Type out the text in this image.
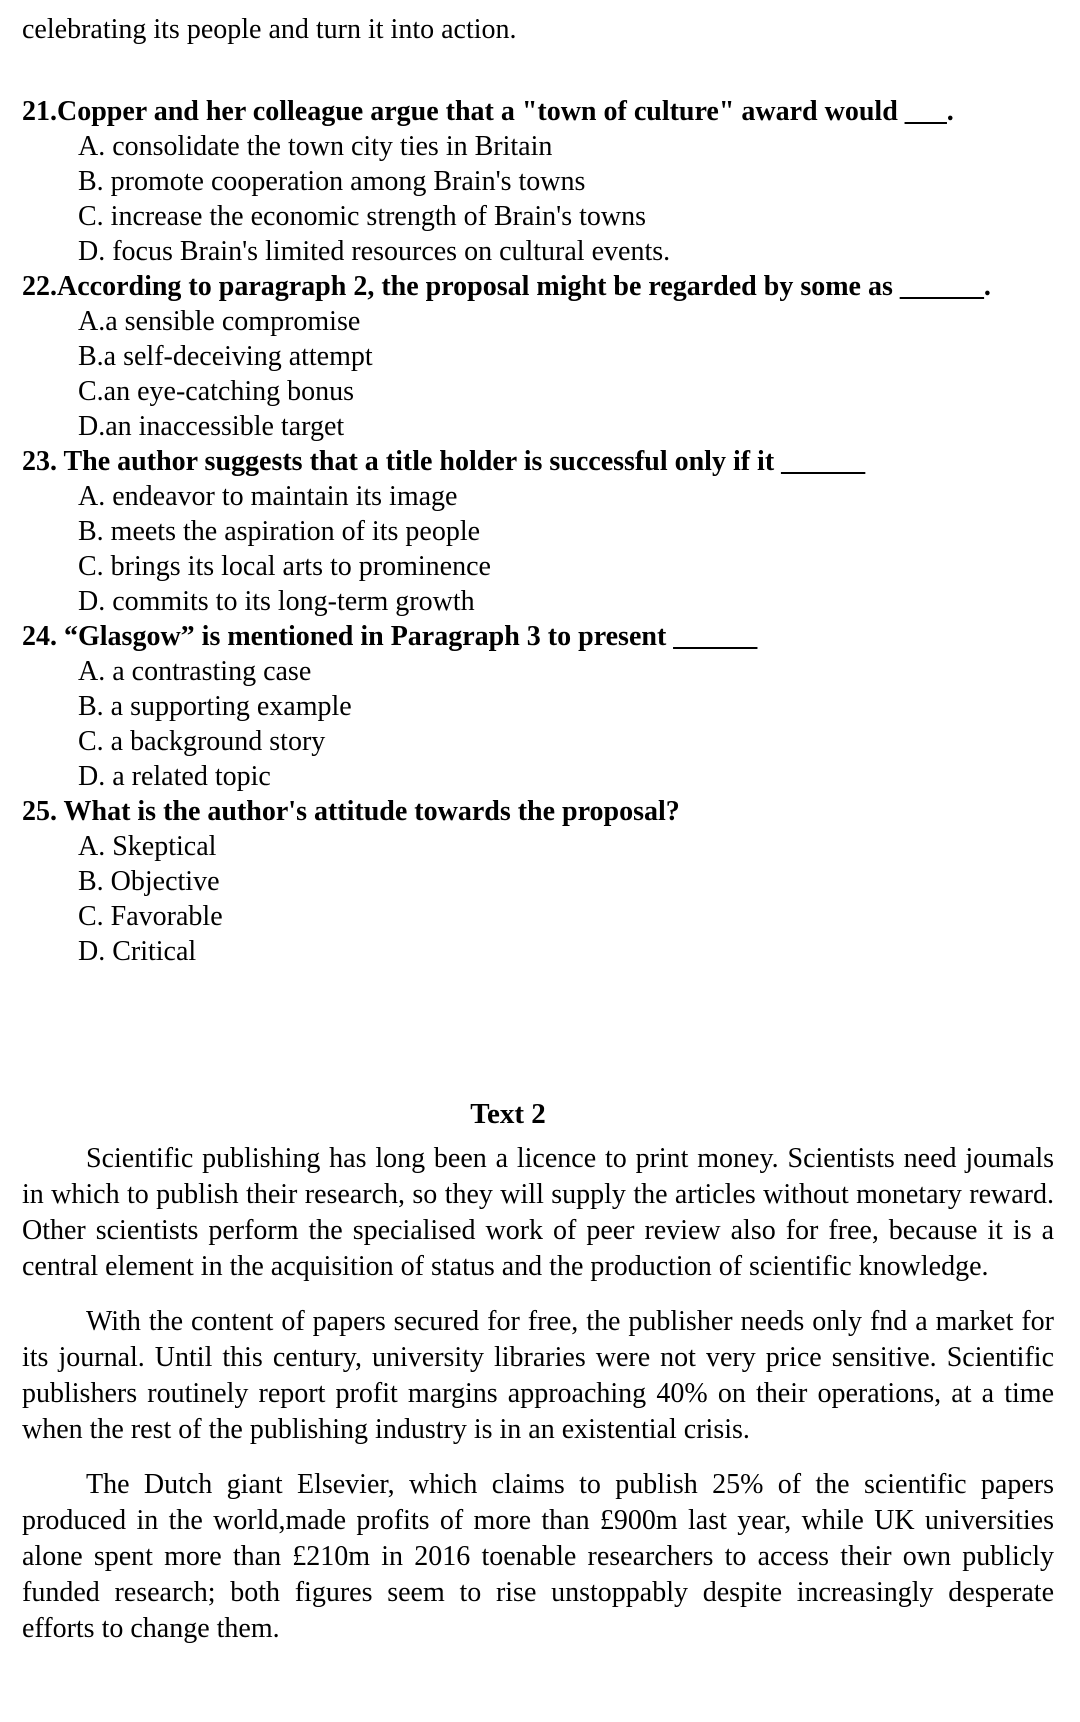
celebrating its people and turn it into action.

21.Copper and her colleague argue that a "town of culture" award would ___.

A. consolidate the town city ties in Britain

B. promote cooperation among Brain's towns

C. increase the economic strength of Brain's towns

D. focus Brain's limited resources on cultural events.

22.According to paragraph 2, the proposal might be regarded by some as ______.

A.a sensible compromise

B.a self-deceiving attempt

C.an eye-catching bonus

D.an inaccessible target

23. The author suggests that a title holder is successful only if it ______

A. endeavor to maintain its image

B. meets the aspiration of its people

C. brings its local arts to prominence

D. commits to its long-term growth

24. “Glasgow” is mentioned in Paragraph 3 to present ______

A. a contrasting case

B. a supporting example

C. a background story

D. a related topic

25. What is the author's attitude towards the proposal?

A. Skeptical

B. Objective

C. Favorable

D. Critical

Text 2

Scientific publishing has long been a licence to print money. Scientists need joumals in which to publish their research, so they will supply the articles without monetary reward. Other scientists perform the specialised work of peer review also for free, because it is a central element in the acquisition of status and the production of scientific knowledge.

With the content of papers secured for free, the publisher needs only fnd a market for its journal. Until this century, university libraries were not very price sensitive. Scientific publishers routinely report profit margins approaching 40% on their operations, at a time when the rest of the publishing industry is in an existential crisis.

The Dutch giant Elsevier, which claims to publish 25% of the scientific papers produced in the world,made profits of more than £900m last year, while UK universities alone spent more than £210m in 2016 toenable researchers to access their own publicly funded research; both figures seem to rise unstoppably despite increasingly desperate efforts to change them.
